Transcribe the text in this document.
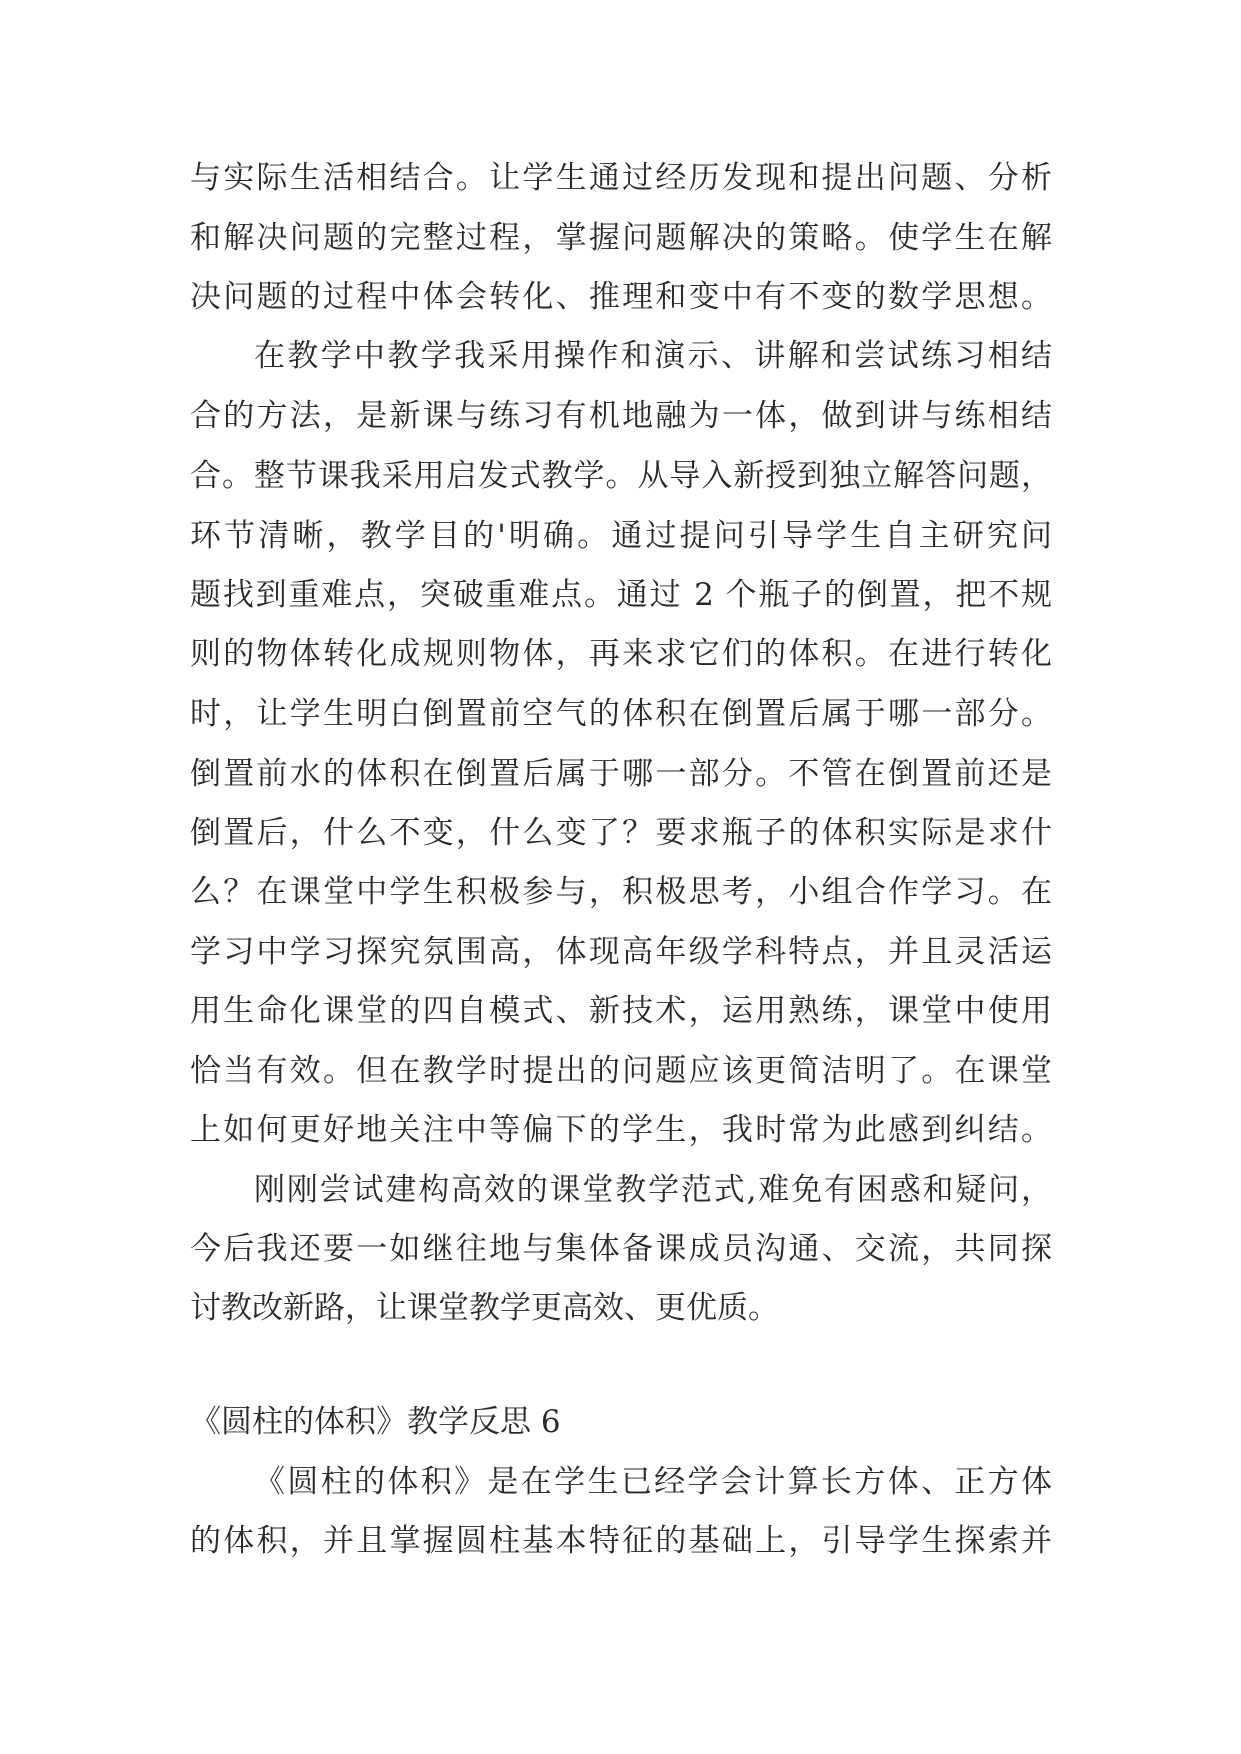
与实际生活相结合。让学生通过经历发现和提出问题、分析
和解决问题的完整过程，掌握问题解决的策略。使学生在解
决问题的过程中体会转化、推理和变中有不变的数学思想。
在教学中教学我采用操作和演示、讲解和尝试练习相结
合的方法，是新课与练习有机地融为一体，做到讲与练相结
合。整节课我采用启发式教学。从导入新授到独立解答问题，
环节清晰，教学目的'明确。通过提问引导学生自主研究问
题找到重难点，突破重难点。通过 2 个瓶子的倒置，把不规
则的物体转化成规则物体，再来求它们的体积。在进行转化
时，让学生明白倒置前空气的体积在倒置后属于哪一部分。
倒置前水的体积在倒置后属于哪一部分。不管在倒置前还是
倒置后，什么不变，什么变了？要求瓶子的体积实际是求什
么？在课堂中学生积极参与，积极思考，小组合作学习。在
学习中学习探究氛围高，体现高年级学科特点，并且灵活运
用生命化课堂的四自模式、新技术，运用熟练，课堂中使用
恰当有效。但在教学时提出的问题应该更简洁明了。在课堂
上如何更好地关注中等偏下的学生，我时常为此感到纠结。
刚刚尝试建构高效的课堂教学范式,难免有困惑和疑问，
今后我还要一如继往地与集体备课成员沟通、交流，共同探
讨教改新路，让课堂教学更高效、更优质。
《圆柱的体积》教学反思 6
《圆柱的体积》是在学生已经学会计算长方体、正方体
的体积，并且掌握圆柱基本特征的基础上，引导学生探索并
